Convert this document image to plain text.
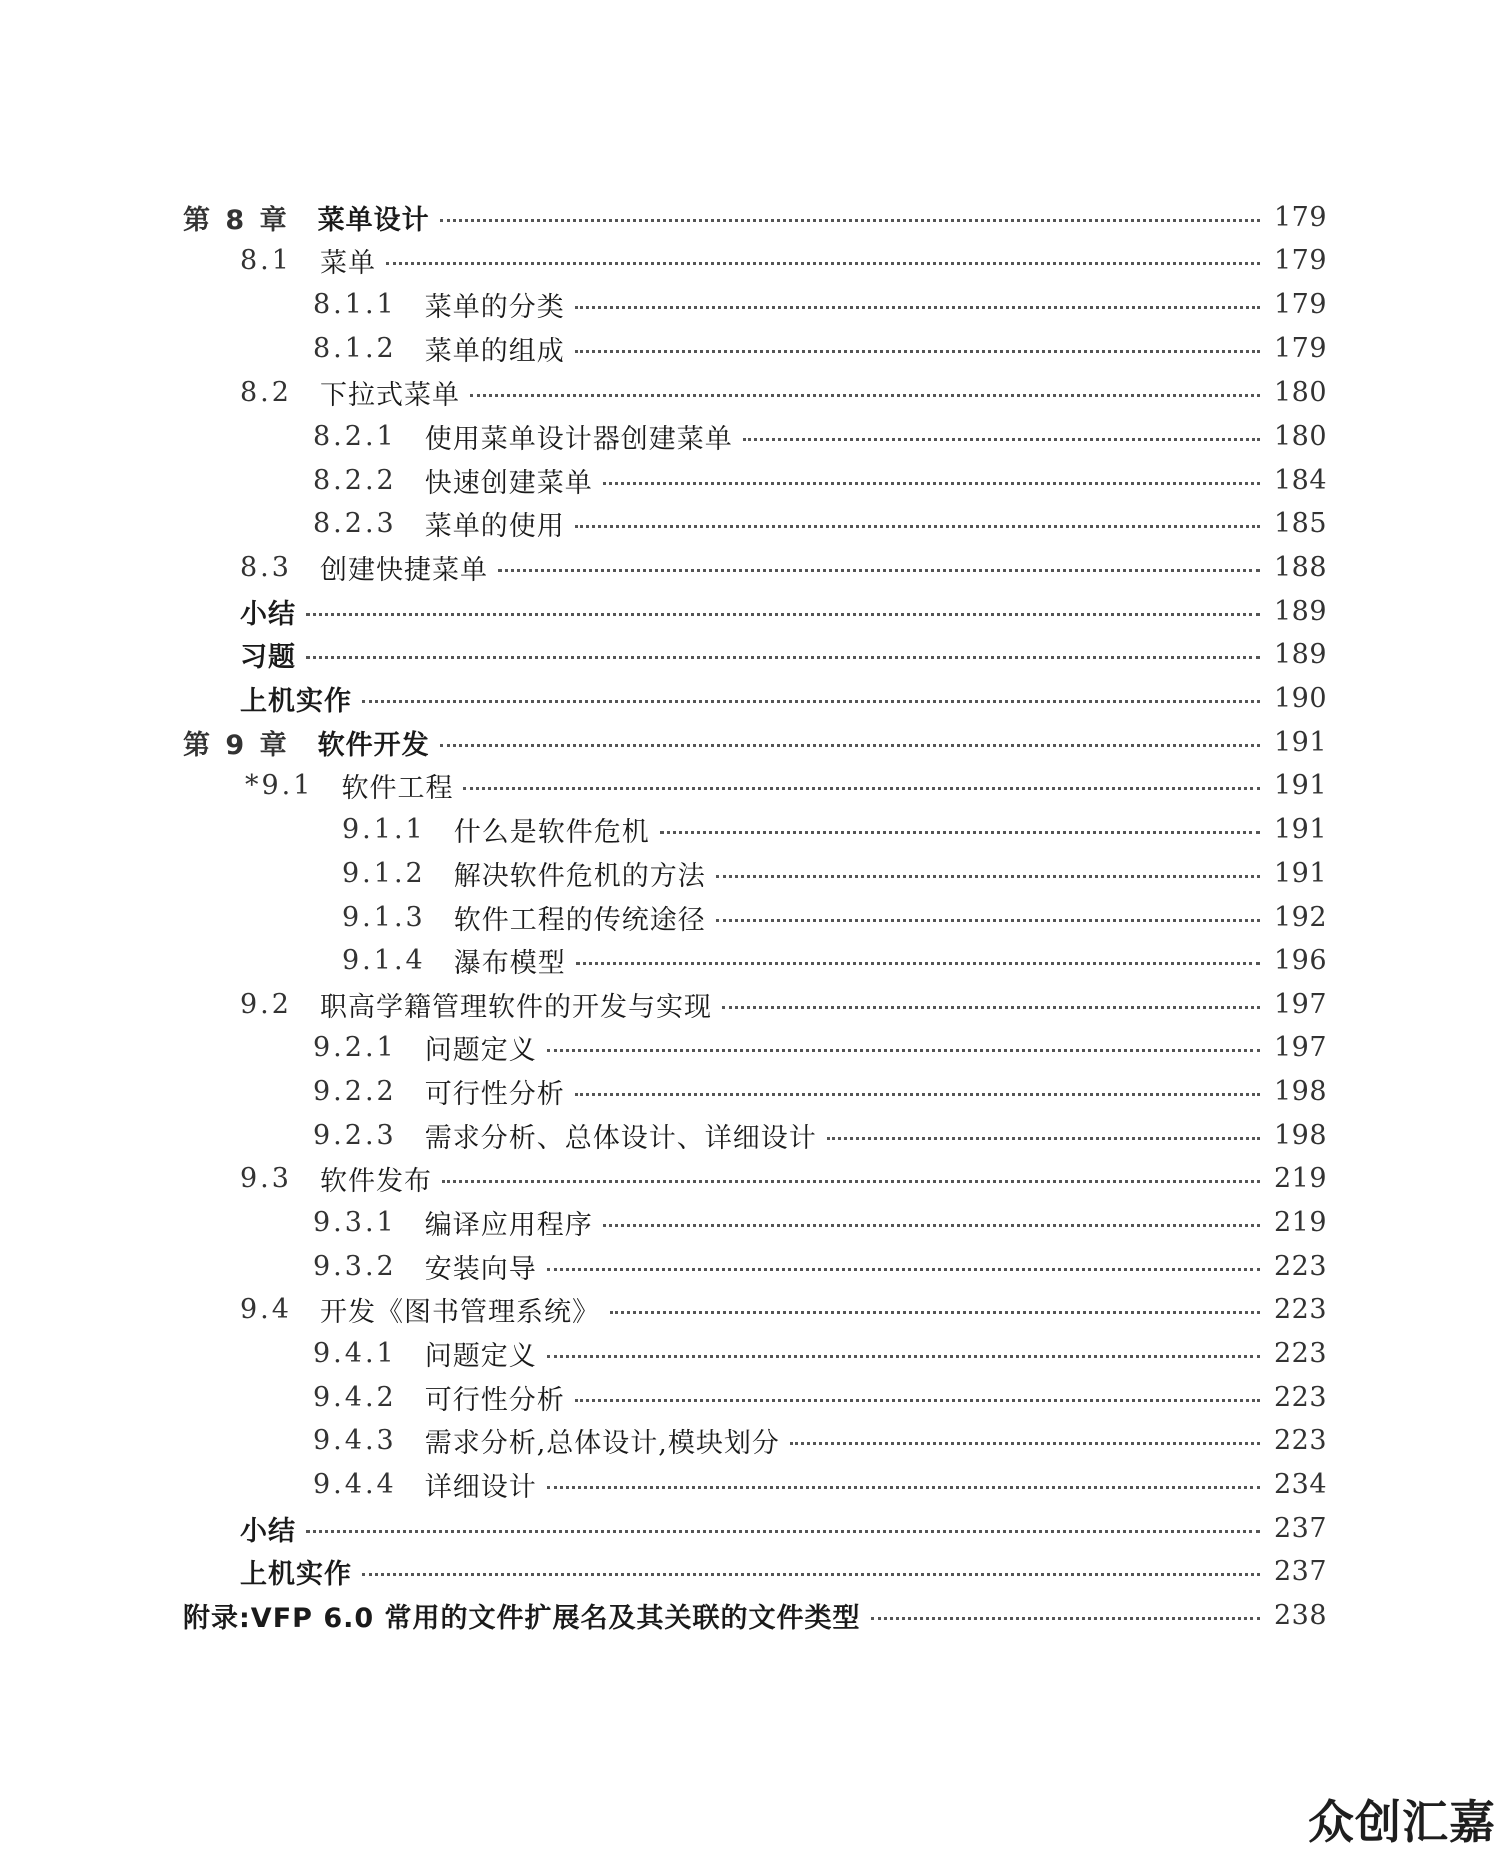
第 8 章 菜单设计	179
8.1 菜单	179
8.1.1 菜单的分类	179
8.1.2 菜单的组成	179
8.2 下拉式菜单	180
8.2.1 使用菜单设计器创建菜单	180
8.2.2 快速创建菜单	184
8.2.3 菜单的使用	185
8.3 创建快捷菜单	188
小结	189
习题	189
上机实作	190
第 9 章 软件开发	191
*9.1 软件工程	191
9.1.1 什么是软件危机	191
9.1.2 解决软件危机的方法	191
9.1.3 软件工程的传统途径	192
9.1.4 瀑布模型	196
9.2 职高学籍管理软件的开发与实现	197
9.2.1 问题定义	197
9.2.2 可行性分析	198
9.2.3 需求分析、总体设计、详细设计	198
9.3 软件发布	219
9.3.1 编译应用程序	219
9.3.2 安装向导	223
9.4 开发《图书管理系统》	223
9.4.1 问题定义	223
9.4.2 可行性分析	223
9.4.3 需求分析,总体设计,模块划分	223
9.4.4 详细设计	234
小结	237
上机实作	237
附录:VFP 6.0 常用的文件扩展名及其关联的文件类型	238
众创汇嘉
